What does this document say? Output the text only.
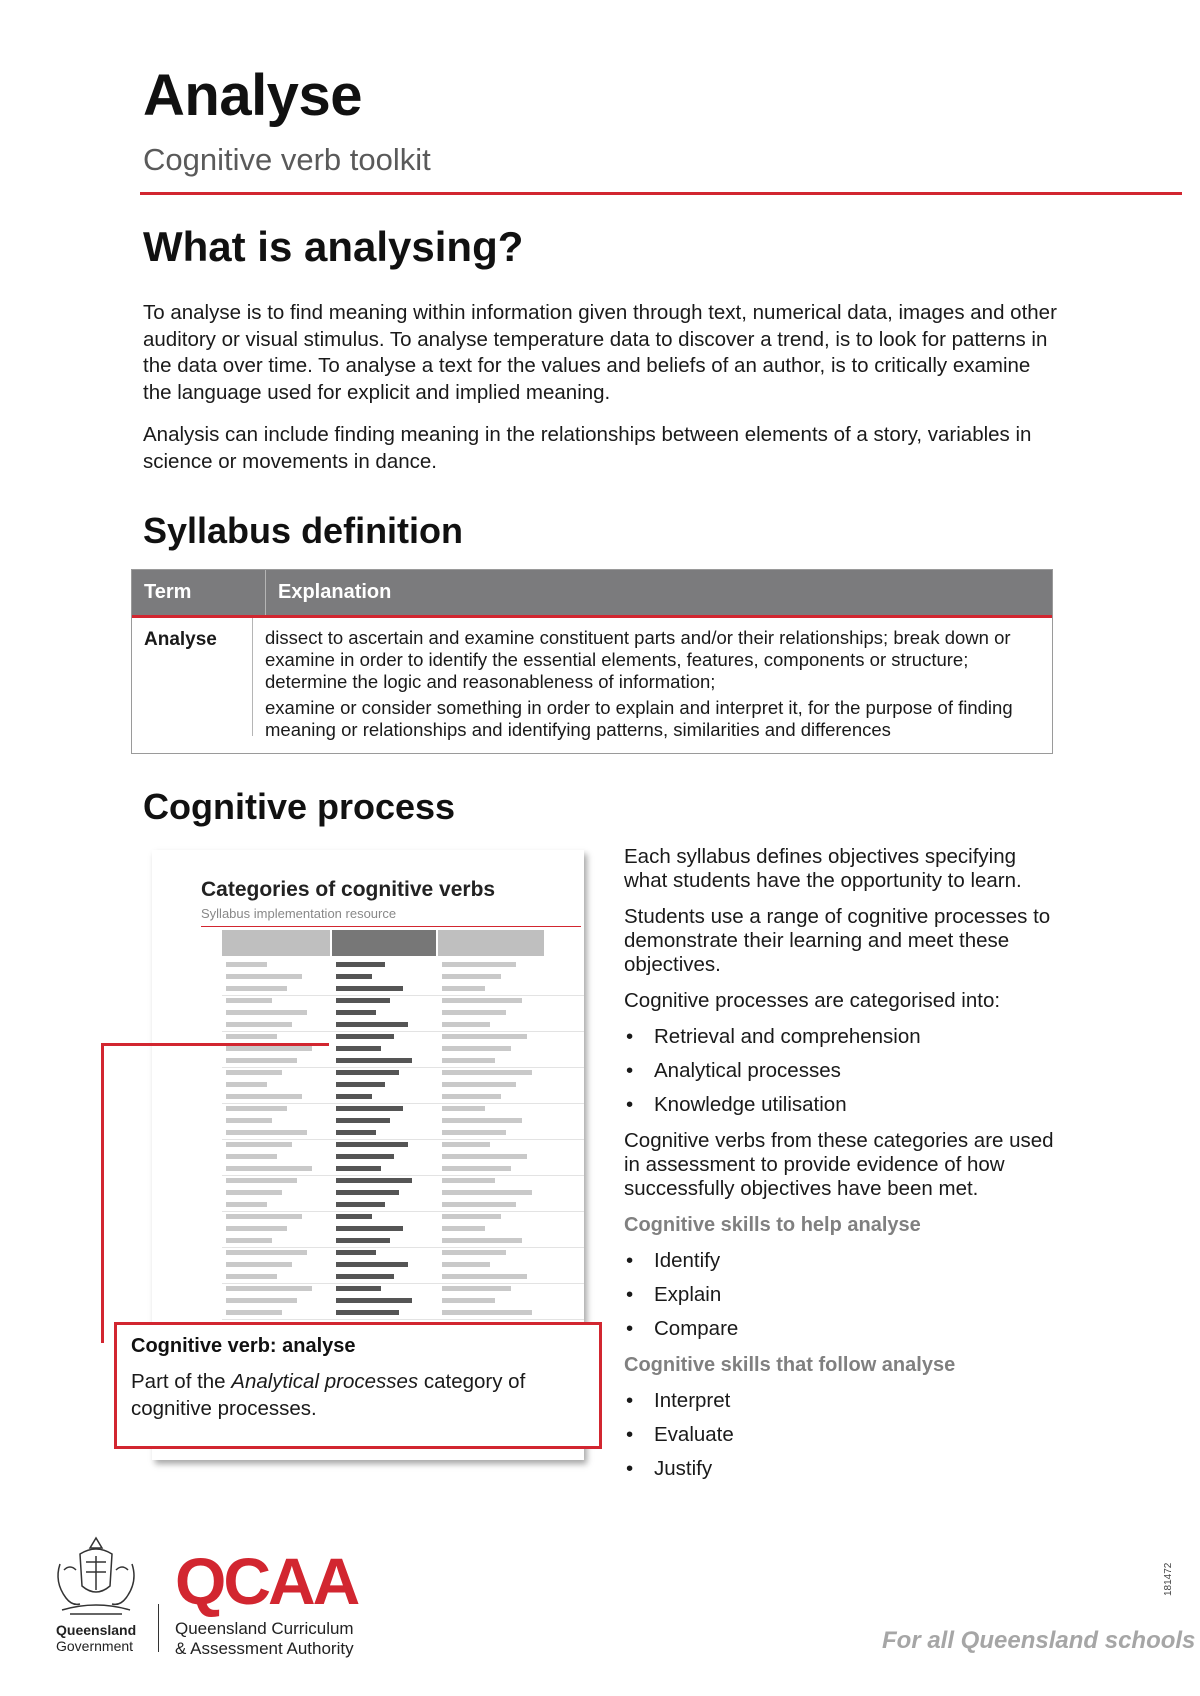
Analyse

Cognitive verb toolkit

What is analysing?

To analyse is to find meaning within information given through text, numerical data, images and other auditory or visual stimulus. To analyse temperature data to discover a trend, is to look for patterns in the data over time. To analyse a text for the values and beliefs of an author, is to critically examine the language used for explicit and implied meaning.

Analysis can include finding meaning in the relationships between elements of a story, variables in science or movements in dance.

Syllabus definition
Term	Explanation
Analyse	dissect to ascertain and examine constituent parts and/or their relationships; break down or examine in order to identify the essential elements, features, components or structure; determine the logic and reasonableness of information;

examine or consider something in order to explain and interpret it, for the purpose of finding meaning or relationships and identifying patterns, similarities and differences

Cognitive process

Categories of cognitive verbs

Syllabus implementation resource

Cognitive verb: analyse

Part of the Analytical processes category of cognitive processes.

Each syllabus defines objectives specifying what students have the opportunity to learn.

Students use a range of cognitive processes to demonstrate their learning and meet these objectives.

Cognitive processes are categorised into:

• Retrieval and comprehension
• Analytical processes
• Knowledge utilisation

Cognitive verbs from these categories are used in assessment to provide evidence of how successfully objectives have been met.

Cognitive skills to help analyse
• Identify
• Explain
• Compare
Cognitive skills that follow analyse
• Interpret
• Evaluate
• Justify
Queensland
Government
QCAA
Queensland Curriculum
& Assessment Authority	For all Queensland schools
181472
